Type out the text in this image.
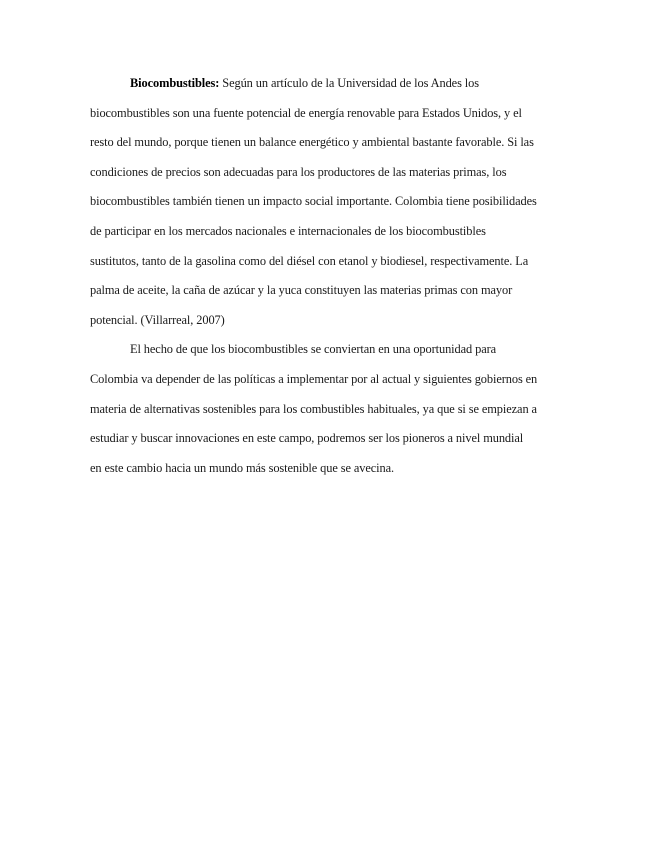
Biocombustibles: Según un artículo de la Universidad de los Andes los
biocombustibles son una fuente potencial de energía renovable para Estados Unidos, y el
resto del mundo, porque tienen un balance energético y ambiental bastante favorable. Si las
condiciones de precios son adecuadas para los productores de las materias primas, los
biocombustibles también tienen un impacto social importante. Colombia tiene posibilidades
de participar en los mercados nacionales e internacionales de los biocombustibles
sustitutos, tanto de la gasolina como del diésel con etanol y biodiesel, respectivamente. La
palma de aceite, la caña de azúcar y la yuca constituyen las materias primas con mayor
potencial. (Villarreal, 2007)
El hecho de que los biocombustibles se conviertan en una oportunidad para
Colombia va depender de las políticas a implementar por al actual y siguientes gobiernos en
materia de alternativas sostenibles para los combustibles habituales, ya que si se empiezan a
estudiar y buscar innovaciones en este campo, podremos ser los pioneros a nivel mundial
en este cambio hacia un mundo más sostenible que se avecina.
